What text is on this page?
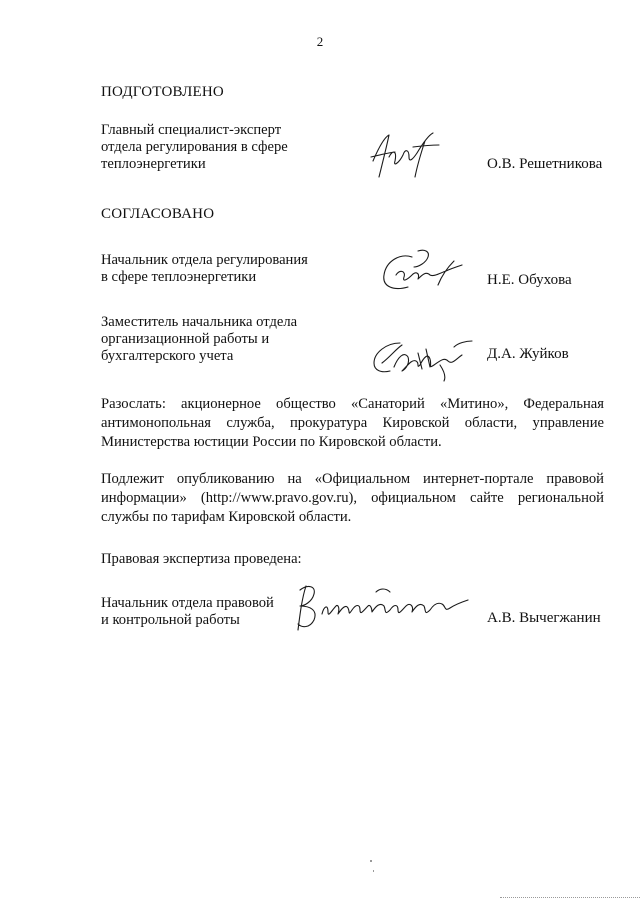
2
ПОДГОТОВЛЕНО
Главный специалист-эксперт
отдела регулирования в сфере
теплоэнергетики	О.В. Решетникова
СОГЛАСОВАНО
Начальник отдела регулирования
в сфере теплоэнергетики	Н.Е. Обухова
Заместитель начальника отдела
организационной работы и
бухгалтерского учета	Д.А. Жуйков
Разослать: акционерное общество «Санаторий «Митино», Федеральная
антимонопольная служба, прокуратура Кировской области, управление
Министерства юстиции России по Кировской области.
Подлежит опубликованию на «Официальном интернет-портале правовой
информации» (http://www.pravo.gov.ru), официальном сайте региональной
службы по тарифам Кировской области.
Правовая экспертиза проведена:
Начальник отдела правовой
и контрольной работы	А.В. Вычегжанин
